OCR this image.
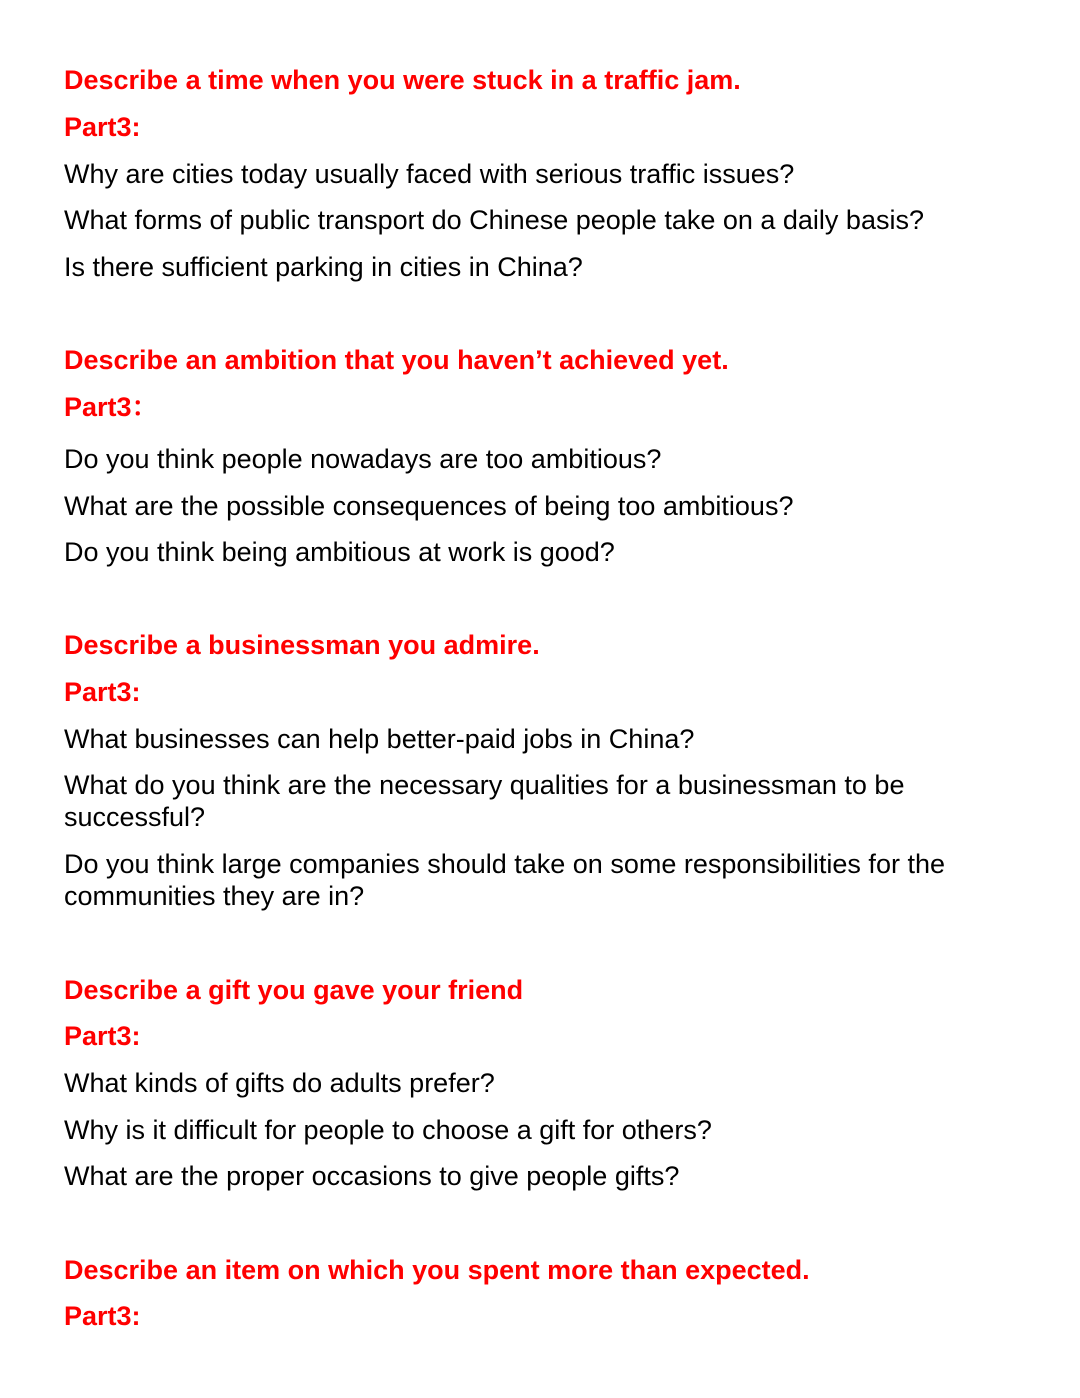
Describe a time when you were stuck in a traffic jam.
Part3:
Why are cities today usually faced with serious traffic issues?
What forms of public transport do Chinese people take on a daily basis?
Is there sufficient parking in cities in China?
Describe an ambition that you haven’t achieved yet.
Part3：
Do you think people nowadays are too ambitious?
What are the possible consequences of being too ambitious?
Do you think being ambitious at work is good?
Describe a businessman you admire.
Part3:
What businesses can help better-paid jobs in China?
What do you think are the necessary qualities for a businessman to be successful?
Do you think large companies should take on some responsibilities for the communities they are in?
Describe a gift you gave your friend
Part3:
What kinds of gifts do adults prefer?
Why is it difficult for people to choose a gift for others?
What are the proper occasions to give people gifts?
Describe an item on which you spent more than expected.
Part3:
